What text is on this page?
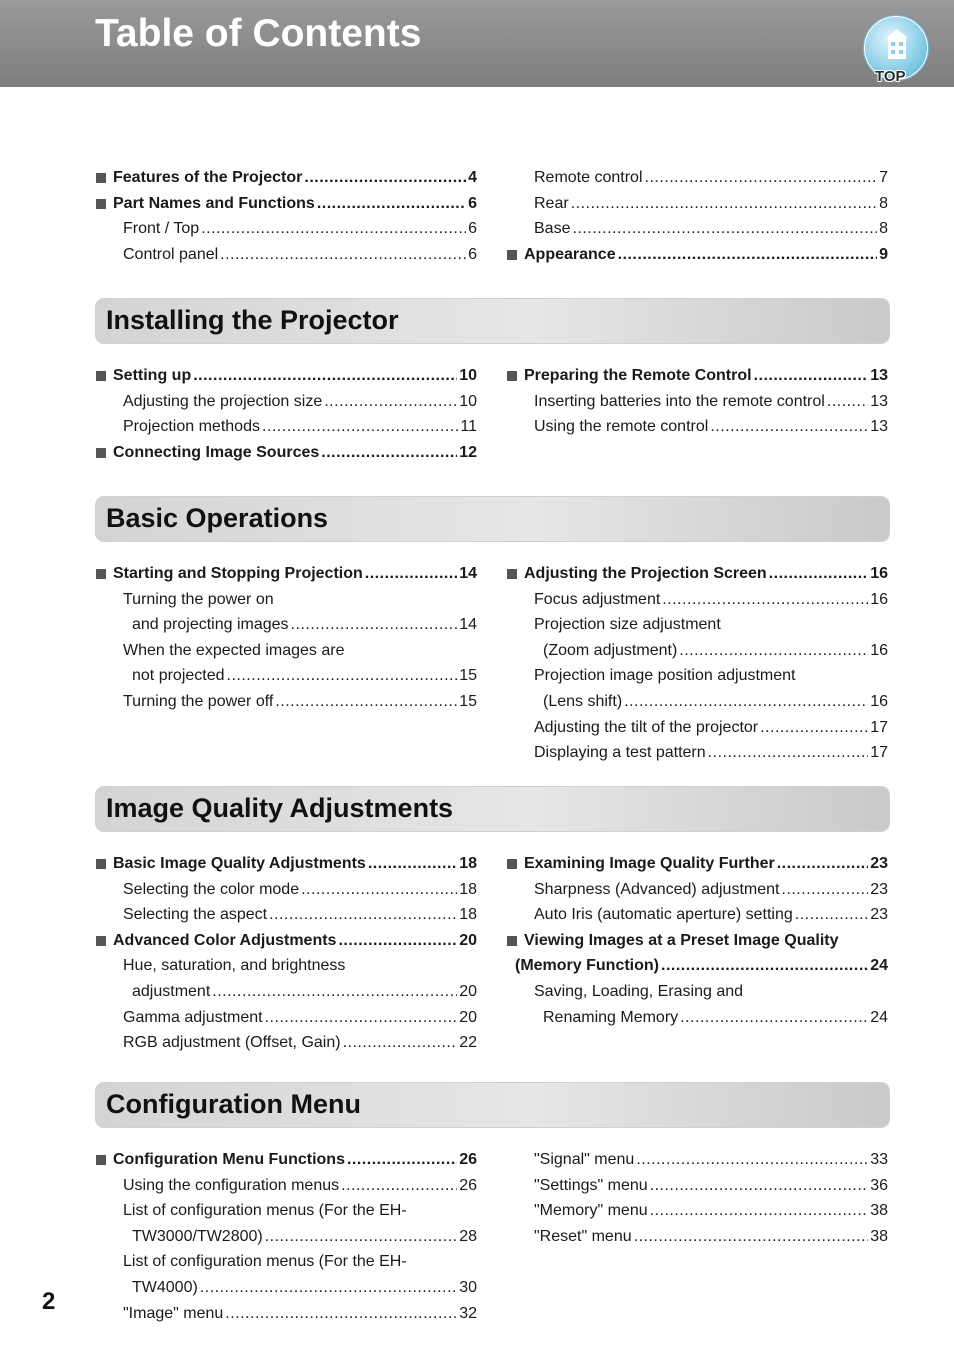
Table of Contents
TOP
Features of the Projector .....	4
Part Names and Functions .....	6
Front / Top .....	6
Control panel .....	6
Remote control .....	7
Rear .....	8
Base .....	8
Appearance .....	9
Installing the Projector
Setting up .....	10
Adjusting the projection size .....	10
Projection methods .....	11
Connecting Image Sources .....	12
Preparing the Remote Control .....	13
Inserting batteries into the remote control .....	13
Using the remote control .....	13
Basic Operations
Starting and Stopping Projection .....	14
Turning the power on
and projecting images .....	14
When the expected images are
not projected .....	15
Turning the power off .....	15
Adjusting the Projection Screen .....	16
Focus adjustment .....	16
Projection size adjustment
(Zoom adjustment) .....	16
Projection image position adjustment
(Lens shift) .....	16
Adjusting the tilt of the projector .....	17
Displaying a test pattern .....	17
Image Quality Adjustments
Basic Image Quality Adjustments .....	18
Selecting the color mode .....	18
Selecting the aspect .....	18
Advanced Color Adjustments .....	20
Hue, saturation, and brightness
adjustment .....	20
Gamma adjustment .....	20
RGB adjustment (Offset, Gain) .....	22
Examining Image Quality Further .....	23
Sharpness (Advanced) adjustment .....	23
Auto Iris (automatic aperture) setting .....	23
Viewing Images at a Preset Image Quality
(Memory Function) .....	24
Saving, Loading, Erasing and
Renaming Memory .....	24
Configuration Menu
Configuration Menu Functions .....	26
Using the configuration menus .....	26
List of configuration menus (For the EH-
TW3000/TW2800) .....	28
List of configuration menus (For the EH-
TW4000) .....	30
"Image" menu .....	32
"Signal" menu .....	33
"Settings" menu .....	36
"Memory" menu .....	38
"Reset" menu .....	38
2
